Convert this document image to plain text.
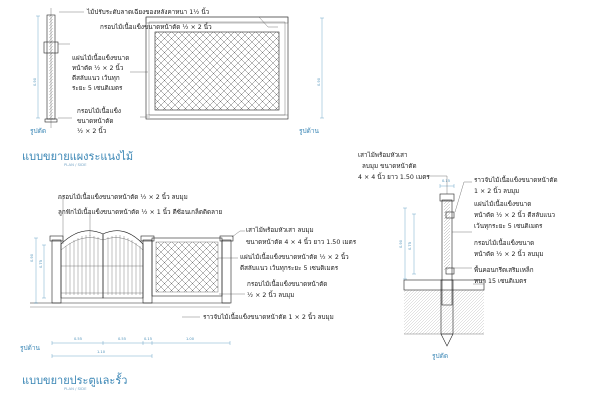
0.90
รูปตัด
0.90
รูปด้าน
ไม้ปรับระดับลาดเฉียงของหลังคาหนา 1½ นิ้ว
กรอบไม้เนื้อแข็งขนาดหน้าตัด ½ × 2 นิ้ว
แผ่นไม้เนื้อแข็งขนาด
หน้าตัด ½ × 2 นิ้ว
ตีสลับแนว เว้นทุก
ระยะ 5 เซนติเมตร
กรอบไม้เนื้อแข็ง
ขนาดหน้าตัด
½ × 2 นิ้ว
แบบขยายแผงระแนงไม้
PLAN / SIDE
0.90
0.75
0.55	0.55	0.15	1.00
1.10
กรอบไม้เนื้อแข็งขนาดหน้าตัด ½ × 2 นิ้ว ลบมุม
ลูกฟักไม้เนื้อแข็งขนาดหน้าตัด ½ × 1 นิ้ว ตีซ้อนเกล็ดติดลาย
เสาไม้พร้อมหัวเสา ลบมุม
ขนาดหน้าตัด 4 × 4 นิ้ว ยาว 1.50 เมตร
แผ่นไม้เนื้อแข็งขนาดหน้าตัด ½ × 2 นิ้ว
ตีสลับแนว เว้นทุกระยะ 5 เซนติเมตร
กรอบไม้เนื้อแข็งขนาดหน้าตัด
½ × 2 นิ้ว ลบมุม
ราวจับไม้เนื้อแข็งขนาดหน้าตัด 1 × 2 นิ้ว ลบมุม
รูปด้าน
แบบขยายประตูและรั้ว
PLAN / SIDE
0.90 0.75
0.15
เสาไม้พร้อมหัวเสา
ลบมุม ขนาดหน้าตัด
4 × 4 นิ้ว ยาว 1.50 เมตร	ราวจับไม้เนื้อแข็งขนาดหน้าตัด
1 × 2 นิ้ว ลบมุม
แผ่นไม้เนื้อแข็งขนาด
หน้าตัด ½ × 2 นิ้ว ตีสลับแนว
เว้นทุกระยะ 5 เซนติเมตร
กรอบไม้เนื้อแข็งขนาด
หน้าตัด ½ × 2 นิ้ว ลบมุม
พื้นคอนกรีตเสริมเหล็ก
หนา 15 เซนติเมตร
รูปตัด
